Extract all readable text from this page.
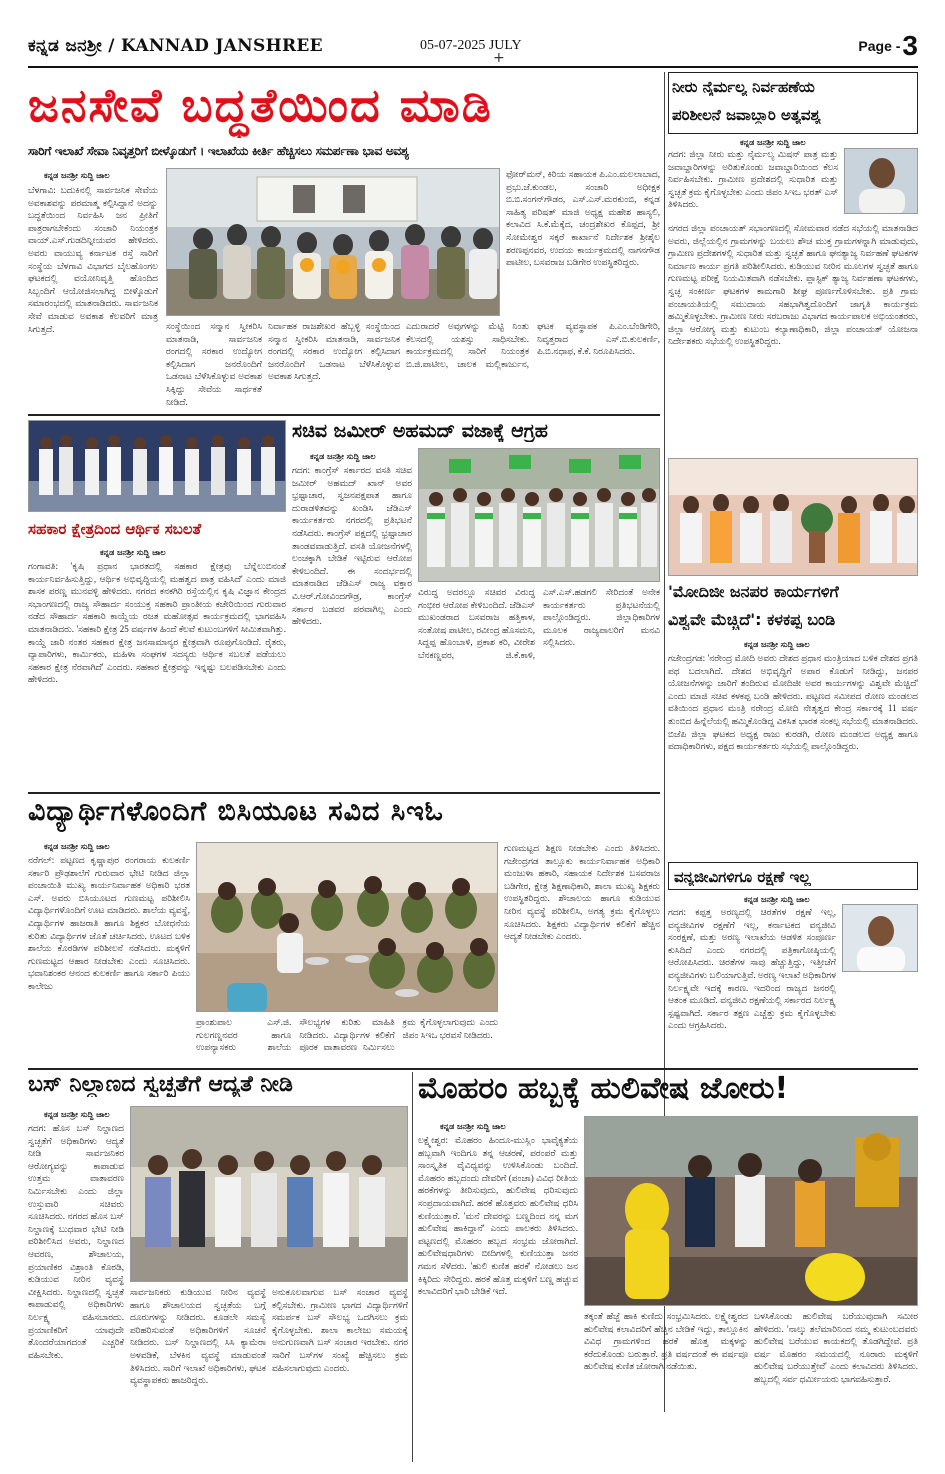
ಕನ್ನಡ ಜನಶ್ರೀ / KANNAD JANSHREE
+
05-07-2025 JULY	Page -3
ಜನಸೇವೆ ಬದ್ಧತೆಯಿಂದ ಮಾಡಿ
ಸಾರಿಗೆ ಇಲಾಖೆ ಸೇವಾ ನಿವೃತ್ತರಿಗೆ ಬೀಳ್ಕೊಡುಗೆ । ಇಲಾಖೆಯ ಕೀರ್ತಿ ಹೆಚ್ಚಿಸಲು ಸಮರ್ಪಣಾ ಭಾವ ಅವಶ್ಯ
ಕನ್ನಡ ಜನಶ್ರೀ ಸುದ್ದಿ ಜಾಲ
ಬೆಳಗಾವಿ: ಬದುಕಿನಲ್ಲಿ ಸಾರ್ವಜನಿಕ ಸೇವೆಯ ಅವಕಾಶವನ್ನು ಪರಮಾತ್ಮ ಕಲ್ಪಿಸಿದ್ದಾನೆ ಅದನ್ನು ಬದ್ಧತೆಯಿಂದ ನಿರ್ವಹಿಸಿ ಜನ ಪ್ರೀತಿಗೆ ಪಾತ್ರರಾಗಬೇಕೆಂದು ಸಂಚಾರಿ ನಿಯಂತ್ರಕ ವಾಯ್.ಎಸ್.ಗುಡದಿನ್ನೀಯವರ ಹೇಳಿದರು. ಅವರು ವಾಯುವ್ಯ ಕರ್ನಾಟಕ ರಸ್ತೆ ಸಾರಿಗೆ ಸಂಸ್ಥೆಯ ಬೆಳಗಾವಿ ವಿಭಾಗದ ಬೈಲಹೊಂಗಲ ಘಟಕದಲ್ಲಿ ವಯೋನಿವೃತ್ತಿ ಹೊಂದಿದ ಸಿಬ್ಬಂದಿಗೆ ಆಯೋಜಿಸಲಾಗಿದ್ದ ಬೀಳ್ಕೊಡುಗೆ ಸಮಾರಂಭದಲ್ಲಿ ಮಾತನಾಡಿದರು. ಸಾರ್ವಜನಿಕ ಸೇವೆ ಮಾಡುವ ಅವಕಾಶ ಕೆಲವರಿಗೆ ಮಾತ್ರ ಸಿಗುತ್ತದೆ.
ಫೋರ್‌ಮನ್, ಕಿರಿಯ ಸಹಾಯಕ ಪಿ.ಎಂ.ಮಲಲಾಬಾದ, ಪ್ರಭು.ಜೆ.ಕುಂಡಲ, ಸಂಚಾರಿ ಅಧೀಕ್ಷಕ ಬಿ.ಬಿ.ಸಂಗನ್‌ಗೌಡರ, ಎಸ್.ಎಸ್.ಮರಕುಂಬಿ, ಕನ್ನಡ ಸಾಹಿತ್ಯ ಪರಿಷತ್ ಮಾಜಿ ಅಧ್ಯಕ್ಷ ಮಹೇಶ ಹಾಸ್ಯಲಿ, ಕಲಾವಿದ ಸಿ.ಕೆ.ಮೆಕ್ಕೆದ, ಚಂದ್ರಶೇಖರ ಕೊಪ್ಪದ, ಶ್ರೀ ಸೋಮೇಶ್ವರ ಸಕ್ಕರೆ ಕಾರ್ಖಾನೆ ನಿರ್ದೇಶಕ ಶ್ರೀಶೈಲ ಶರಣಪ್ಪನವರ, ಉದಯ ಕಾರ್ಯಕ್ರಮದಲ್ಲಿ ನಾಗನಗೌಡ ಪಾಟೀಲ, ಬಸವರಾಜ ಬಡಿಗೇರ ಉಪಸ್ಥಿತರಿದ್ದರು.
ಸಂಸ್ಥೆಯಿಂದ ಸನ್ಮಾನ ಸ್ವೀಕರಿಸಿ ಮಾತನಾಡಿ, ಸಾರ್ವಜನಿಕ ರಂಗದಲ್ಲಿ ಸರಕಾರ ಉದ್ಯೋಗ ಕಲ್ಪಿಸಿದಾಗ ಜನರೊಂದಿಗೆ ಒಡನಾಟ ಬೆಳೆಸಿಕೊಳ್ಳುವ ಅವಕಾಶ ಸಿಕ್ಕಿದ್ದು ಸೇವೆಯ ಸಾರ್ಥಕತೆ ನೀಡಿದೆ.
ನಿರ್ವಾಹಕ ರಾಜಶೇಖರ ಹೆಬ್ಬಳ್ಳಿ ಸಂಸ್ಥೆಯಿಂದ ಸನ್ಮಾನ ಸ್ವೀಕರಿಸಿ ಮಾತನಾಡಿ, ಸಾರ್ವಜನಿಕ ರಂಗದಲ್ಲಿ ಸರಕಾರ ಉದ್ಯೋಗ ಕಲ್ಪಿಸಿದಾಗ ಜನರೊಂದಿಗೆ ಒಡನಾಟ ಬೆಳೆಸಿಕೊಳ್ಳುವ ಅವಕಾಶ ಸಿಗುತ್ತದೆ.
ಎದುರಾದರೆ ಅವುಗಳನ್ನು ಮೆಟ್ಟಿ ನಿಂತು ಕೆಲಸದಲ್ಲಿ ಯಶಸ್ಸು ಸಾಧಿಸಬೇಕು. ಕಾರ್ಯಕ್ರಮದಲ್ಲಿ ಸಾರಿಗೆ ನಿಯಂತ್ರಕ ಬಿ.ಜಿ.ಪಾಟೀಲ, ಚಾಲಕ ಮಲ್ಲಿಕಾರ್ಜುನ, ಘಟಕ ವ್ಯವಸ್ಥಾಪಕ ಪಿ.ಎಂ.ಬೆಂಡಿಗೇರಿ, ನಿವೃತ್ತರಾದ ಎಸ್.ಬಿ.ಕುಲಕರ್ಣಿ, ಪಿ.ಬಿ.ನಧಾಫ, ಕೆ.ಕೆ. ನಿರೂಪಿಸಿದರು.
ನೀರು ನೈರ್ಮಲ್ಯ ನಿರ್ವಹಣೆಯ
ಪರಿಶೀಲನೆ ಜವಾಬ್ದಾರಿ ಅತ್ಯವಶ್ಯ
ಕನ್ನಡ ಜನಶ್ರೀ ಸುದ್ದಿ ಜಾಲ
ಗದಗ: ಜಿಲ್ಲಾ ನೀರು ಮತ್ತು ನೈರ್ಮಲ್ಯ ಮಿಷನ್ ಪಾತ್ರ ಮತ್ತು ಜವಾಬ್ದಾರಿಗಳನ್ನು ಅರಿತುಕೊಂಡು ಜವಾಬ್ದಾರಿಯಿಂದ ಕೆಲಸ ನಿರ್ವಹಿಸಬೇಕು. ಗ್ರಾಮೀಣ ಪ್ರದೇಶದಲ್ಲಿ ಸುಧಾರಿತ ಮತ್ತು ಸ್ವಚ್ಛತೆ ಕ್ರಮ ಕೈಗೊಳ್ಳಬೇಕು ಎಂದು ಜಿಪಂ ಸಿಇಒ ಭರತ್ ಎಸ್ ತಿಳಿಸಿದರು.
ನಗರದ ಜಿಲ್ಲಾ ಪಂಚಾಯತ್ ಸಭಾಂಗಣದಲ್ಲಿ ಸೋಮವಾರ ನಡೆದ ಸಭೆಯಲ್ಲಿ ಮಾತನಾಡಿದ ಅವರು, ಜಿಲ್ಲೆಯಲ್ಲಿನ ಗ್ರಾಮಗಳನ್ನು ಬಯಲು ಶೌಚ ಮುಕ್ತ ಗ್ರಾಮಗಳನ್ನಾಗಿ ಮಾಡುವುದು, ಗ್ರಾಮೀಣ ಪ್ರದೇಶಗಳಲ್ಲಿ ಸುಧಾರಿತ ಮತ್ತು ಸ್ವಚ್ಛತೆ ಹಾಗೂ ಘನತ್ಯಾಜ್ಯ ನಿರ್ವಹಣೆ ಘಟಕಗಳ ನಿರ್ಮಾಣ ಕಾರ್ಯ ಪ್ರಗತಿ ಪರಿಶೀಲಿಸಿದರು. ಕುಡಿಯುವ ನೀರಿನ ಮೂಲಗಳ ಸ್ವಚ್ಛತೆ ಹಾಗೂ ಗುಣಮಟ್ಟ ಪರೀಕ್ಷೆ ನಿಯಮಿತವಾಗಿ ನಡೆಸಬೇಕು. ಪ್ಲಾಸ್ಟಿಕ್ ತ್ಯಾಜ್ಯ ನಿರ್ವಹಣಾ ಘಟಕಗಳು, ಸ್ವಚ್ಛ ಸಂಕೀರ್ಣ ಘಟಕಗಳ ಕಾಮಗಾರಿ ಶೀಘ್ರ ಪೂರ್ಣಗೊಳಿಸಬೇಕು. ಪ್ರತಿ ಗ್ರಾಮ ಪಂಚಾಯತಿಯಲ್ಲಿ ಸಮುದಾಯ ಸಹಭಾಗಿತ್ವದೊಂದಿಗೆ ಜಾಗೃತಿ ಕಾರ್ಯಕ್ರಮ ಹಮ್ಮಿಕೊಳ್ಳಬೇಕು. ಗ್ರಾಮೀಣ ನೀರು ಸರಬರಾಜು ವಿಭಾಗದ ಕಾರ್ಯಪಾಲಕ ಅಭಿಯಂತರರು, ಜಿಲ್ಲಾ ಆರೋಗ್ಯ ಮತ್ತು ಕುಟುಂಬ ಕಲ್ಯಾಣಾಧಿಕಾರಿ, ಜಿಲ್ಲಾ ಪಂಚಾಯತ್ ಯೋಜನಾ ನಿರ್ದೇಶಕರು ಸಭೆಯಲ್ಲಿ ಉಪಸ್ಥಿತರಿದ್ದರು.
'ಮೋದಿಜೀ ಜನಪರ ಕಾರ್ಯಗಳಿಗೆ
ವಿಶ್ವವೇ ಮೆಚ್ಚಿದೆ': ಕಳಕಪ್ಪ ಬಂಡಿ
ಕನ್ನಡ ಜನಶ್ರೀ ಸುದ್ದಿ ಜಾಲ
ಗಜೇಂದ್ರಗಡ: 'ನರೇಂದ್ರ ಮೋದಿ ಅವರು ದೇಶದ ಪ್ರಧಾನ ಮಂತ್ರಿಯಾದ ಬಳಿಕ ದೇಶದ ಪ್ರಗತಿ ಪಥ ಬದಲಾಗಿದೆ. ದೇಶದ ಅಭಿವೃದ್ಧಿಗೆ ಅಪಾರ ಕೊಡುಗೆ ನೀಡಿದ್ದು, ಜನಪರ ಯೋಜನೆಗಳನ್ನು ಜಾರಿಗೆ ತಂದಿರುವ ಮೋದಿಜೀ ಅವರ ಕಾರ್ಯಗಳನ್ನು ವಿಶ್ವವೇ ಮೆಚ್ಚಿದೆ' ಎಂದು ಮಾಜಿ ಸಚಿವ ಕಳಕಪ್ಪ ಬಂಡಿ ಹೇಳಿದರು. ಪಟ್ಟಣದ ಸಮೀಪದ ರೋಣ ಮಂಡಲದ ವತಿಯಿಂದ ಪ್ರಧಾನ ಮಂತ್ರಿ ನರೇಂದ್ರ ಮೋದಿ ನೇತೃತ್ವದ ಕೇಂದ್ರ ಸರ್ಕಾರಕ್ಕೆ 11 ವರ್ಷ ತುಂಬಿದ ಹಿನ್ನೆಲೆಯಲ್ಲಿ ಹಮ್ಮಿಕೊಂಡಿದ್ದ ವಿಕಸಿತ ಭಾರತ ಸಂಕಲ್ಪ ಸಭೆಯಲ್ಲಿ ಮಾತನಾಡಿದರು. ಬಿಜೆಪಿ ಜಿಲ್ಲಾ ಘಟಕದ ಅಧ್ಯಕ್ಷ ರಾಜು ಕುರಡಗಿ, ರೋಣ ಮಂಡಲದ ಅಧ್ಯಕ್ಷ ಹಾಗೂ ಪದಾಧಿಕಾರಿಗಳು, ಪಕ್ಷದ ಕಾರ್ಯಕರ್ತರು ಸಭೆಯಲ್ಲಿ ಪಾಲ್ಗೊಂಡಿದ್ದರು.
ವನ್ಯಜೀವಿಗಳಿಗೂ ರಕ್ಷಣೆ ಇಲ್ಲ
ಕನ್ನಡ ಜನಶ್ರೀ ಸುದ್ದಿ ಜಾಲ
ಗದಗ: ಕಪ್ಪತ್ತ ಅರಣ್ಯದಲ್ಲಿ ಚಿರತೆಗಳ ರಕ್ಷಣೆ ಇಲ್ಲ, ವನ್ಯಜೀವಿಗಳ ರಕ್ಷಣೆಗೆ ಇಲ್ಲ, ಕರ್ನಾಟಕದ ವನ್ಯಜೀವಿ ಸಂರಕ್ಷಣೆ, ಮತ್ತು ಅರಣ್ಯ ಇಲಾಖೆಯ ಆಡಳಿತ ಸಂಪೂರ್ಣ ಕುಸಿದಿದೆ ಎಂದು ನಗರದಲ್ಲಿ ಪತ್ರಿಕಾಗೋಷ್ಠಿಯಲ್ಲಿ ಆರೋಪಿಸಿದರು. ಚಿರತೆಗಳ ಸಾವು ಹೆಚ್ಚುತ್ತಿದ್ದು, ಇತ್ತೀಚೆಗೆ ವನ್ಯಜೀವಿಗಳು ಬಲಿಯಾಗುತ್ತಿವೆ. ಅರಣ್ಯ ಇಲಾಖೆ ಅಧಿಕಾರಿಗಳ ನಿರ್ಲಕ್ಷ್ಯವೇ ಇದಕ್ಕೆ ಕಾರಣ. ಇದರಿಂದ ರಾಜ್ಯದ ಜನರಲ್ಲಿ ಆತಂಕ ಮೂಡಿದೆ. ವನ್ಯಜೀವಿ ರಕ್ಷಣೆಯಲ್ಲಿ ಸರ್ಕಾರದ ನಿರ್ಲಕ್ಷ್ಯ ಸ್ಪಷ್ಟವಾಗಿದೆ. ಸರ್ಕಾರ ತಕ್ಷಣ ಎಚ್ಚೆತ್ತು ಕ್ರಮ ಕೈಗೊಳ್ಳಬೇಕು ಎಂದು ಆಗ್ರಹಿಸಿದರು.
ಸಹಕಾರ ಕ್ಷೇತ್ರದಿಂದ ಆರ್ಥಿಕ ಸಬಲತೆ
ಕನ್ನಡ ಜನಶ್ರೀ ಸುದ್ದಿ ಜಾಲ
ಗಂಗಾವತಿ: 'ಕೃಷಿ ಪ್ರಧಾನ ಭಾರತದಲ್ಲಿ ಸಹಕಾರ ಕ್ಷೇತ್ರವು ಬೆನ್ನೆಲುಬಿನಂತೆ ಕಾರ್ಯನಿರ್ವಹಿಸುತ್ತಿದ್ದು, ಆರ್ಥಿಕ ಅಭಿವೃದ್ಧಿಯಲ್ಲಿ ಮಹತ್ವದ ಪಾತ್ರ ವಹಿಸಿದೆ' ಎಂದು ಮಾಜಿ ಶಾಸಕ ಪರಣ್ಣ ಮುನವಳ್ಳಿ ಹೇಳಿದರು. ನಗರದ ಕನಕಗಿರಿ ರಸ್ತೆಯಲ್ಲಿನ ಕೃಷಿ ವಿಜ್ಞಾನ ಕೇಂದ್ರದ ಸಭಾಂಗಣದಲ್ಲಿ ರಾಜ್ಯ ಸೌಹಾರ್ದ ಸಂಯುಕ್ತ ಸಹಕಾರಿ ಪ್ರಾಂತೀಯ ಕಚೇರಿಯಿಂದ ಗುರುವಾರ ನಡೆದ ಸೌಹಾರ್ದ ಸಹಕಾರಿ ಕಾಯ್ದೆಯ ರಜತ ಮಹೋತ್ಸವ ಕಾರ್ಯಕ್ರಮದಲ್ಲಿ ಭಾಗವಹಿಸಿ ಮಾತನಾಡಿದರು. 'ಸಹಕಾರಿ ಕ್ಷೇತ್ರ 25 ವರ್ಷಗಳ ಹಿಂದೆ ಕೆಲವೆ ಕುಟುಂಬಗಳಿಗೆ ಸೀಮಿತವಾಗಿತ್ತು. ಕಾಯ್ದೆ ಜಾರಿ ನಂತರ ಸಹಕಾರ ಕ್ಷೇತ್ರ ಜನಸಾಮಾನ್ಯರ ಕ್ಷೇತ್ರವಾಗಿ ರೂಪುಗೊಂಡಿದೆ. ರೈತರು, ವ್ಯಾಪಾರಿಗಳು, ಕಾರ್ಮಿಕರು, ಮಹಿಳಾ ಸಂಘಗಳ ಸದಸ್ಯರು ಆರ್ಥಿಕ ಸಬಲತೆ ಪಡೆಯಲು ಸಹಕಾರ ಕ್ಷೇತ್ರ ನೆರವಾಗಿದೆ' ಎಂದರು. ಸಹಕಾರ ಕ್ಷೇತ್ರವನ್ನು ಇನ್ನಷ್ಟು ಬಲಪಡಿಸಬೇಕು ಎಂದು ಹೇಳಿದರು.
ಸಚಿವ ಜಮೀರ್ ಅಹಮದ್ ವಜಾಕ್ಕೆ ಆಗ್ರಹ
ಕನ್ನಡ ಜನಶ್ರೀ ಸುದ್ದಿ ಜಾಲ
ಗದಗ: ಕಾಂಗ್ರೆಸ್ ಸರ್ಕಾರದ ವಸತಿ ಸಚಿವ ಜಮೀರ್ ಅಹಮದ್ ಖಾನ್ ಅವರ ಭ್ರಷ್ಟಾಚಾರ, ಸ್ವಜನಪಕ್ಷಪಾತ ಹಾಗೂ ದುರಾಡಳಿತವನ್ನು ಖಂಡಿಸಿ ಜೆಡಿಎಸ್ ಕಾರ್ಯಕರ್ತರು ನಗರದಲ್ಲಿ ಪ್ರತಿಭಟನೆ ನಡೆಸಿದರು. ಕಾಂಗ್ರೆಸ್ ಪಕ್ಷದಲ್ಲಿ ಭ್ರಷ್ಟಾಚಾರ ತಾಂಡವವಾಡುತ್ತಿದೆ. ವಸತಿ ಯೋಜನೆಗಳಲ್ಲಿ ಲಂಚಕ್ಕಾಗಿ ಬೇಡಿಕೆ ಇಟ್ಟಿರುವ ಆರೋಪ ಕೇಳಿಬಂದಿದೆ. ಈ ಸಂದರ್ಭದಲ್ಲಿ ಮಾತನಾಡಿದ ಜೆಡಿಎಸ್ ರಾಜ್ಯ ವಕ್ತಾರ ವಿ.ಆರ್.ಗೋವಿಂದಗೌಡ್ರ, ಕಾಂಗ್ರೆಸ್ ಸರ್ಕಾರ ಬಡವರ ಪರವಾಗಿಲ್ಲ ಎಂದು ಹೇಳಿದರು.
ವಿರುದ್ಧ ಅದರಲ್ಲೂ ಸಚಿವರ ವಿರುದ್ಧ ಗಂಭೀರ ಆರೋಪ ಕೇಳಿಬಂದಿದೆ. ಜೆಡಿಎಸ್ ಮುಖಂಡರಾದ ಬಸವರಾಜ ಹತ್ತಿಕಾಳ, ಸಂತೋಷ ಪಾಟೀಲ, ರವೀಂದ್ರ ಹೊಸಮನಿ, ಸಿದ್ದಪ್ಪ ಹೊಂಬಾಳಿ, ಪ್ರಕಾಶ ಕರಿ, ವೀರೇಶ ಬೆನಕಣ್ಣವರ, ಜಿ.ಕೆ.ಕಾಳಿ, ಎಸ್.ಎಸ್.ಹಡಗಲಿ ಸೇರಿದಂತೆ ಅನೇಕ ಕಾರ್ಯಕರ್ತರು ಪ್ರತಿಭಟನೆಯಲ್ಲಿ ಪಾಲ್ಗೊಂಡಿದ್ದರು. ಜಿಲ್ಲಾಧಿಕಾರಿಗಳ ಮೂಲಕ ರಾಜ್ಯಪಾಲರಿಗೆ ಮನವಿ ಸಲ್ಲಿಸಿದರು.
ವಿದ್ಯಾರ್ಥಿಗಳೊಂದಿಗೆ ಬಿಸಿಯೂಟ ಸವಿದ ಸಿಇಓ
ಕನ್ನಡ ಜನಶ್ರೀ ಸುದ್ದಿ ಜಾಲ
ನರೆಗಲ್: ಪಟ್ಟಣದ ಕೃಷ್ಣಾಪುರ ರಂಗರಾಯ ಕುಲಕರ್ಣಿ ಸರ್ಕಾರಿ ಪ್ರೌಢಶಾಲೆಗೆ ಗುರುವಾರ ಭೇಟಿ ನೀಡಿದ ಜಿಲ್ಲಾ ಪಂಚಾಯಿತಿ ಮುಖ್ಯ ಕಾರ್ಯನಿರ್ವಾಹಕ ಅಧಿಕಾರಿ ಭರತ ಎಸ್. ಅವರು ಬಿಸಿಯೂಟದ ಗುಣಮಟ್ಟ ಪರಿಶೀಲಿಸಿ ವಿದ್ಯಾರ್ಥಿಗಳೊಂದಿಗೆ ಊಟ ಮಾಡಿದರು. ಶಾಲೆಯ ವ್ಯವಸ್ಥೆ, ವಿದ್ಯಾರ್ಥಿಗಳ ಹಾಜರಾತಿ ಹಾಗೂ ಶಿಕ್ಷಕರ ಬೋಧನೆಯ ಕುರಿತು ವಿದ್ಯಾರ್ಥಿಗಳ ಜೊತೆ ಚರ್ಚಿಸಿದರು. ಊಟದ ಬಳಿಕ ಶಾಲೆಯ ಕೊಠಡಿಗಳ ಪರಿಶೀಲನೆ ನಡೆಸಿದರು. ಮಕ್ಕಳಿಗೆ ಗುಣಮಟ್ಟದ ಆಹಾರ ನೀಡಬೇಕು ಎಂದು ಸೂಚಿಸಿದರು. ಭವಾನಿಶಂಕರ ಆನಂದ ಕುಲಕರ್ಣಿ ಹಾಗೂ ಸರ್ಕಾರಿ ಪಿಯು ಕಾಲೇಜು
ಗುಣಮಟ್ಟದ ಶಿಕ್ಷಣ ನೀಡಬೇಕು ಎಂದು ತಿಳಿಸಿದರು. ಗಜೇಂದ್ರಗಡ ತಾಲ್ಲೂಕು ಕಾರ್ಯನಿರ್ವಾಹಕ ಅಧಿಕಾರಿ ಮಂಜುಳಾ ಹಕಾರಿ, ಸಹಾಯಕ ನಿರ್ದೇಶಕ ಬಸವರಾಜ ಬಡಿಗೇರ, ಕ್ಷೇತ್ರ ಶಿಕ್ಷಣಾಧಿಕಾರಿ, ಶಾಲಾ ಮುಖ್ಯ ಶಿಕ್ಷಕರು ಉಪಸ್ಥಿತರಿದ್ದರು. ಶೌಚಾಲಯ ಹಾಗೂ ಕುಡಿಯುವ ನೀರಿನ ವ್ಯವಸ್ಥೆ ಪರಿಶೀಲಿಸಿ, ಅಗತ್ಯ ಕ್ರಮ ಕೈಗೊಳ್ಳಲು ಸೂಚಿಸಿದರು. ಶಿಕ್ಷಕರು ವಿದ್ಯಾರ್ಥಿಗಳ ಕಲಿಕೆಗೆ ಹೆಚ್ಚಿನ ಆದ್ಯತೆ ನೀಡಬೇಕು ಎಂದರು.
ಪ್ರಾಂಶುಪಾಲ ಎಸ್.ಜಿ. ಗುಲಗಣ್ಣನವರ ಹಾಗೂ ಉಪನ್ಯಾಸಕರು ಶಾಲೆಯ ಸೌಲಭ್ಯಗಳ ಕುರಿತು ಮಾಹಿತಿ ನೀಡಿದರು. ವಿದ್ಯಾರ್ಥಿಗಳ ಕಲಿಕೆಗೆ ಪೂರಕ ವಾತಾವರಣ ನಿರ್ಮಿಸಲು ಕ್ರಮ ಕೈಗೊಳ್ಳಲಾಗುವುದು ಎಂದು ಜಿಪಂ ಸಿಇಒ ಭರವಸೆ ನೀಡಿದರು.
ಬಸ್ ನಿಲ್ದಾಣದ ಸ್ವಚ್ಛತೆಗೆ ಆದ್ಯತೆ ನೀಡಿ
ಕನ್ನಡ ಜನಶ್ರೀ ಸುದ್ದಿ ಜಾಲ
ಗದಗ: ಹೊಸ ಬಸ್ ನಿಲ್ದಾಣದ ಸ್ವಚ್ಛತೆಗೆ ಅಧಿಕಾರಿಗಳು ಆದ್ಯತೆ ನೀಡಿ ಸಾರ್ವಜನಿಕರ ಆರೋಗ್ಯವನ್ನು ಕಾಪಾಡುವ ಉತ್ತಮ ವಾತಾವರಣ ನಿರ್ಮಿಸಬೇಕು ಎಂದು ಜಿಲ್ಲಾ ಉಸ್ತುವಾರಿ ಸಚಿವರು ಸೂಚಿಸಿದರು. ನಗರದ ಹೊಸ ಬಸ್ ನಿಲ್ದಾಣಕ್ಕೆ ಬುಧವಾರ ಭೇಟಿ ನೀಡಿ ಪರಿಶೀಲಿಸಿದ ಅವರು, ನಿಲ್ದಾಣದ ಆವರಣ, ಶೌಚಾಲಯ, ಪ್ರಯಾಣಿಕರ ವಿಶ್ರಾಂತಿ ಕೊಠಡಿ, ಕುಡಿಯುವ ನೀರಿನ ವ್ಯವಸ್ಥೆ ವೀಕ್ಷಿಸಿದರು. ನಿಲ್ದಾಣದಲ್ಲಿ ಸ್ವಚ್ಛತೆ ಕಾಪಾಡುವಲ್ಲಿ ಅಧಿಕಾರಿಗಳು ನಿರ್ಲಕ್ಷ್ಯ ವಹಿಸಬಾರದು. ಪ್ರಯಾಣಿಕರಿಗೆ ಯಾವುದೇ ತೊಂದರೆಯಾಗದಂತೆ ಎಚ್ಚರಿಕೆ ವಹಿಸಬೇಕು.
ಸಾರ್ವಜನಿಕರು ಕುಡಿಯುವ ನೀರಿನ ವ್ಯವಸ್ಥೆ ಹಾಗೂ ಶೌಚಾಲಯದ ಸ್ವಚ್ಛತೆಯ ಬಗ್ಗೆ ದೂರುಗಳನ್ನು ನೀಡಿದರು. ಕೂಡಲೇ ಸಮಸ್ಯೆ ಪರಿಹರಿಸುವಂತೆ ಅಧಿಕಾರಿಗಳಿಗೆ ಸೂಚನೆ ನೀಡಿದರು. ಬಸ್ ನಿಲ್ದಾಣದಲ್ಲಿ ಸಿಸಿ ಕ್ಯಾಮೆರಾ ಅಳವಡಿಕೆ, ಬೆಳಕಿನ ವ್ಯವಸ್ಥೆ ಮಾಡುವಂತೆ ತಿಳಿಸಿದರು. ಸಾರಿಗೆ ಇಲಾಖೆ ಅಧಿಕಾರಿಗಳು, ಘಟಕ ವ್ಯವಸ್ಥಾಪಕರು ಹಾಜರಿದ್ದರು.
ಅನುಕೂಲವಾಗುವ ಬಸ್ ಸಂಚಾರ ವ್ಯವಸ್ಥೆ ಕಲ್ಪಿಸಬೇಕು. ಗ್ರಾಮೀಣ ಭಾಗದ ವಿದ್ಯಾರ್ಥಿಗಳಿಗೆ ಸಮರ್ಪಕ ಬಸ್ ಸೌಲಭ್ಯ ಒದಗಿಸಲು ಕ್ರಮ ಕೈಗೊಳ್ಳಬೇಕು. ಶಾಲಾ ಕಾಲೇಜು ಸಮಯಕ್ಕೆ ಅನುಗುಣವಾಗಿ ಬಸ್ ಸಂಚಾರ ಇರಬೇಕು. ನಗರ ಸಾರಿಗೆ ಬಸ್‌ಗಳ ಸಂಖ್ಯೆ ಹೆಚ್ಚಿಸಲು ಕ್ರಮ ವಹಿಸಲಾಗುವುದು ಎಂದರು.
ಮೊಹರಂ ಹಬ್ಬಕ್ಕೆ ಹುಲಿವೇಷ ಜೋರು!
ಕನ್ನಡ ಜನಶ್ರೀ ಸುದ್ದಿ ಜಾಲ
ಲಕ್ಷ್ಮೇಶ್ವರ: ಮೊಹರಂ ಹಿಂದೂ-ಮುಸ್ಲಿಂ ಭಾವೈಕ್ಯತೆಯ ಹಬ್ಬವಾಗಿ ಇಂದಿಗೂ ತನ್ನ ಆಚರಣೆ, ಪರಂಪರೆ ಮತ್ತು ಸಾಂಸ್ಕೃತಿಕ ವೈವಿಧ್ಯವನ್ನು ಉಳಿಸಿಕೊಂಡು ಬಂದಿದೆ. ಮೊಹರಂ ಹಬ್ಬದಂದು ದೇವರಿಗೆ (ಪಂಜಾ) ವಿವಿಧ ರೀತಿಯ ಹರಕೆಗಳನ್ನು ತೀರಿಸುವುದು, ಹುಲಿವೇಷ ಧರಿಸುವುದು ಸಂಪ್ರದಾಯವಾಗಿದೆ. ಹರಕೆ ಹೊತ್ತವರು ಹುಲಿವೇಷ ಧರಿಸಿ ಕುಣಿಯುತ್ತಾರೆ. 'ಮನೆ ದೇವರನ್ನು ಬಣ್ಣದಿಂದ ನನ್ನ ಮಗ ಹುಲಿವೇಷ ಹಾಕಿದ್ದಾನೆ' ಎಂದು ಪಾಲಕರು ತಿಳಿಸಿದರು. ಪಟ್ಟಣದಲ್ಲಿ ಮೊಹರಂ ಹಬ್ಬದ ಸಂಭ್ರಮ ಜೋರಾಗಿದೆ. ಹುಲಿವೇಷಧಾರಿಗಳು ಬೀದಿಗಳಲ್ಲಿ ಕುಣಿಯುತ್ತಾ ಜನರ ಗಮನ ಸೆಳೆದರು. 'ಹುಲಿ ಕುಣಿತ ಹರಕೆ' ನೋಡಲು ಜನ ಕಿಕ್ಕಿರಿದು ಸೇರಿದ್ದರು. ಹರಕೆ ಹೊತ್ತ ಮಕ್ಕಳಿಗೆ ಬಣ್ಣ ಹಚ್ಚುವ ಕಲಾವಿದರಿಗೆ ಭಾರಿ ಬೇಡಿಕೆ ಇದೆ.
ತಕ್ಕಂತೆ ಹೆಜ್ಜೆ ಹಾಕಿ ಕುಣಿದು ಸಂಭ್ರಮಿಸಿದರು. ಲಕ್ಷ್ಮೇಶ್ವರದ ಹುಲಿವೇಷ ಕಲಾವಿದರಿಗೆ ಹೆಚ್ಚಿನ ಬೇಡಿಕೆ ಇದ್ದು, ತಾಲ್ಲೂಕಿನ ವಿವಿಧ ಗ್ರಾಮಗಳಿಂದ ಹರಕೆ ಹೊತ್ತ ಮಕ್ಕಳನ್ನು ಕರೆದುಕೊಂಡು ಬರುತ್ತಾರೆ. ಪ್ರತಿ ವರ್ಷದಂತೆ ಈ ವರ್ಷವೂ ಹುಲಿವೇಷ ಕುಣಿತ ಜೋರಾಗಿ ನಡೆಯಿತು.
ಬಳಸಿಕೊಂಡು ಹುಲಿವೇಷ ಬರೆಯುವುದಾಗಿ ಸಮೀರ ಹೇಳಿದರು. 'ನಾಲ್ಕು ತಲೆಮಾರಿನಿಂದ ನಮ್ಮ ಕುಟುಂಬದವರು ಹುಲಿವೇಷ ಬರೆಯುವ ಕಾಯಕದಲ್ಲಿ ತೊಡಗಿದ್ದೇವೆ. ಪ್ರತಿ ವರ್ಷ ಮೊಹರಂ ಸಮಯದಲ್ಲಿ ನೂರಾರು ಮಕ್ಕಳಿಗೆ ಹುಲಿವೇಷ ಬರೆಯುತ್ತೇವೆ' ಎಂದು ಕಲಾವಿದರು ತಿಳಿಸಿದರು. ಹಬ್ಬದಲ್ಲಿ ಸರ್ವ ಧರ್ಮೀಯರು ಭಾಗವಹಿಸುತ್ತಾರೆ.
